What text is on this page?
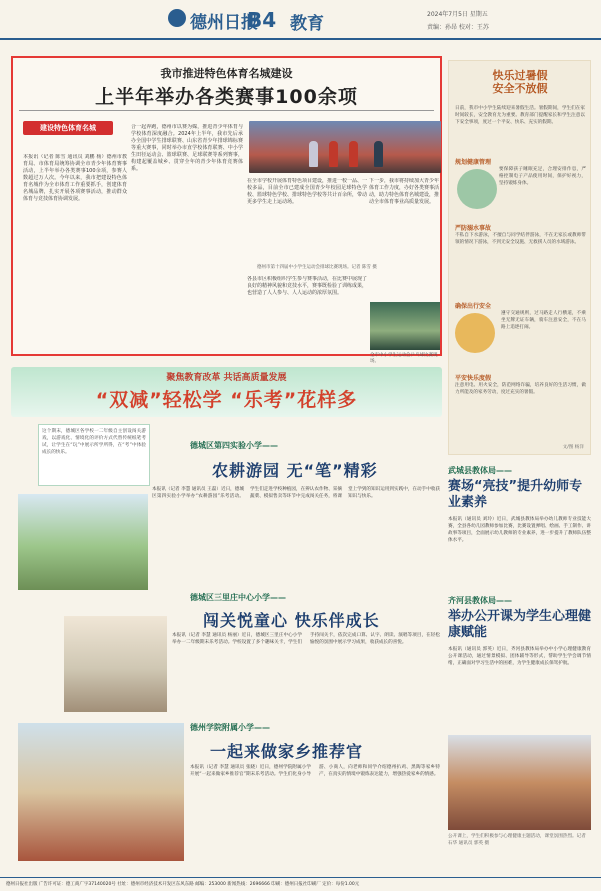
德州日报
B4 教育	2024年7月5日 星期五
责编：孙昂 校对：王苏
我市推进特色体育名城建设
上半年举办各类赛事100余项
建设特色体育名城
本报讯（记者 陈雪 通讯员 刘鹏 杨）德州市教育局、市体育局统筹协调全市青少年体育赛事活动，上半年举办各类赛事100余项，参赛人数超过万人次。今年以来，我市把建设特色体育名城作为全市体育工作重要抓手，创建体育名城品牌，扎实开展各项赛事活动，推动群众体育与竞技体育协调发展。
合一起奔跑，德州市以赛为媒，推进青少年体育与学校体育深度融合。2024年上半年，我市先后承办全国中学生排球联赛、山东省青少年排球锦标赛等重大赛事，同时举办市直学校体育联赛、中小学生田径运动会、篮球联赛、足球联赛等系列赛事，构建起覆盖城乡、贯穿全年的青少年体育竞赛体系。
在全市学校开展体育特色项目建设，推进一校一品、一校多品，目前全市已建成全国青少年校园足球特色学校、篮球特色学校、排球特色学校等共计百余所，带动更多学生走上运动场。
下一步，我市将持续加大青少年体育工作力度，办好各类赛事活动，助力特色体育名城建设，推动全市体育事业高质量发展。
德州市第十四届中小学生运动会排球比赛现场。记者 陈雪 摄
各县市区积极组织学生参与赛事活动，在比赛中展现了良好的精神风貌和竞技水平，赛事既检验了训练成果，也营造了人人参与、人人运动的浓厚氛围。
全市中小学生运动会乒乓球比赛现场。
聚焦教育改革 共话高质量发展
“双减”轻松学 “乐考”花样多
这个期末，德城区各学校一二年级自主创设闯关游戏，以游戏化、情境化的评价方式代替传统纸笔考试，让学生在“玩”中展示所学所得，在“考”中体验成长的快乐。
德城区第四实验小学——
农耕游园 无“笔”精彩
本报讯（记者 李慧 通讯员 王磊）近日，德城区第四实验小学举办“农耕游园”乐考活动。学生们走进学校种植园，在辨认农作物、采摘蔬菜、模拟售卖等环节中完成闯关任务，将课堂上学到的知识运用到实践中，在动手中收获知识与快乐。
德城区三里庄中心小学——
闯关悦童心 快乐伴成长
本报讯（记者 李慧 通讯员 杨丽）近日，德城区三里庄中心小学举办一二年级期末乐考活动。学校设置了多个趣味关卡，学生们手持闯关卡，依次完成口算、认字、朗读、演唱等项目，在轻松愉悦的氛围中展示学习成果，收获成长的喜悦。
德州学院附属小学——
一起来做家乡推荐官
本报讯（记者 李慧 通讯员 张晓）近日，德州学院附属小学开展“一起来做家乡推荐官”期末乐考活动。学生们化身小导游、小商人，向老师和同学介绍德州扒鸡、黑陶等家乡特产，在真实的情境中锻炼表达能力，增强热爱家乡的情感。
快乐过暑假
安全不放假
日前，我市中小学生陆续迎来暑假生活。暑假期间，学生们在家时间较长，安全教育尤为重要。教育部门提醒家长和学生注意以下安全事项，度过一个平安、快乐、充实的假期。
规划健康管理
要保障孩子睡眠充足，合理安排作息，严格控制电子产品使用时间，保护好视力，坚持锻炼身体。
严防溺水事故
不私自下水游泳，不擅自与同学结伴游泳，不在无家长或教师带领的情况下游泳，不到无安全设施、无救援人员的水域游泳。
确保出行安全
遵守交通规则，过马路走人行横道，不乘坐无牌无证车辆，骑车注意安全，不在马路上追逐打闹。
平安快乐度假
注意用电、用火安全，防范网络诈骗，培养良好的生活习惯，做力所能及的家务劳动，度过充实的暑假。
文/图 杨洋
武城县教体局——
赛场“亮技”提升幼师专业素养
本报讯（通讯员 刘玲）近日，武城县教体局举办幼儿教师专业技能大赛，全县各幼儿园教师参加比赛，比赛设置弹唱、绘画、手工制作、讲故事等项目，全面展示幼儿教师的专业素养，进一步提升了教师队伍整体水平。
齐河县教体局——
举办公开课为学生心理健康赋能
本报讯（通讯员 郭英）近日，齐河县教体局举办中小学心理健康教育公开课活动，通过情景模拟、团体辅导等形式，帮助学生学会调节情绪，正确面对学习生活中的困难，为学生健康成长保驾护航。
公开课上，学生们积极参与心理健康主题活动，课堂氛围热烈。记者 石华 通讯员 郭英 摄
德州日报社出版 广告许可证：德工商广字37140020号 社址：德州市经济技术开发区东风东路 邮编：253000 新闻热线：2696666 印刷：德州日报社印刷厂 定价：每份1.00元
